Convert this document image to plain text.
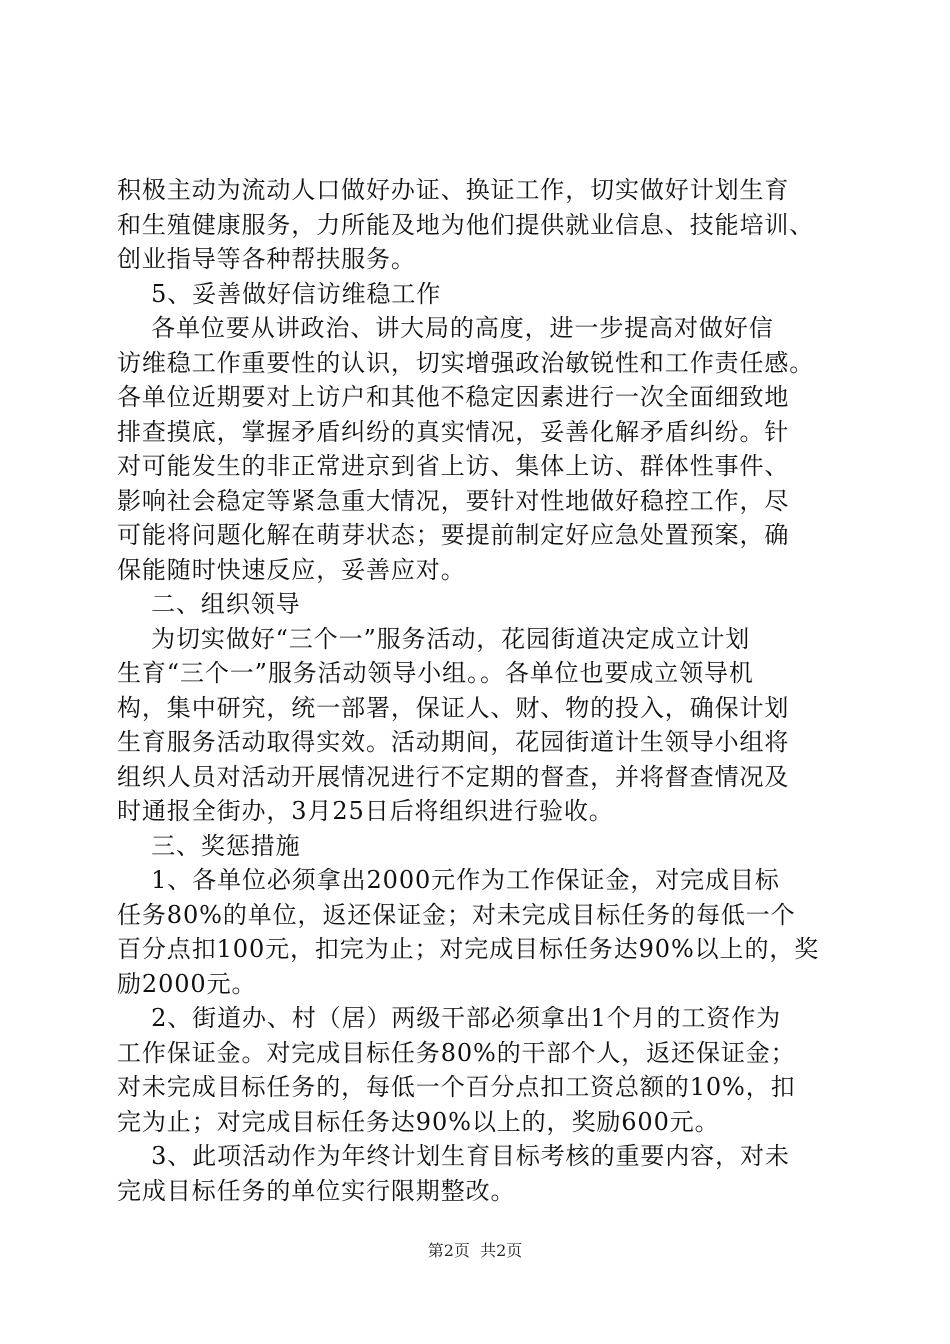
积极主动为流动人口做好办证、换证工作，切实做好计划生育
和生殖健康服务，力所能及地为他们提供就业信息、技能培训、
创业指导等各种帮扶服务。
5、妥善做好信访维稳工作
各单位要从讲政治、讲大局的高度，进一步提高对做好信
访维稳工作重要性的认识，切实增强政治敏锐性和工作责任感。
各单位近期要对上访户和其他不稳定因素进行一次全面细致地
排查摸底，掌握矛盾纠纷的真实情况，妥善化解矛盾纠纷。针
对可能发生的非正常进京到省上访、集体上访、群体性事件、
影响社会稳定等紧急重大情况，要针对性地做好稳控工作，尽
可能将问题化解在萌芽状态；要提前制定好应急处置预案，确
保能随时快速反应，妥善应对。
二、组织领导
为切实做好“三个一”服务活动，花园街道决定成立计划
生育“三个一”服务活动领导小组。。各单位也要成立领导机
构，集中研究，统一部署，保证人、财、物的投入，确保计划
生育服务活动取得实效。活动期间，花园街道计生领导小组将
组织人员对活动开展情况进行不定期的督查，并将督查情况及
时通报全街办，3月25日后将组织进行验收。
三、奖惩措施
1、各单位必须拿出2000元作为工作保证金，对完成目标
任务80%的单位，返还保证金；对未完成目标任务的每低一个
百分点扣100元，扣完为止；对完成目标任务达90%以上的，奖
励2000元。
2、街道办、村（居）两级干部必须拿出1个月的工资作为
工作保证金。对完成目标任务80%的干部个人，返还保证金；
对未完成目标任务的，每低一个百分点扣工资总额的10%，扣
完为止；对完成目标任务达90%以上的，奖励600元。
3、此项活动作为年终计划生育目标考核的重要内容，对未
完成目标任务的单位实行限期整改。
第2页  共2页
